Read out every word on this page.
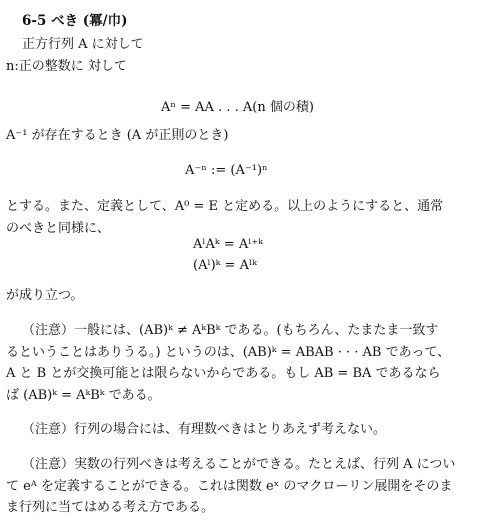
6-5 べき (冪/巾)
正方行列 A に対して
n:正の整数に 対して
Aⁿ = AA . . . A(n 個の積)
A⁻¹ が存在するとき (A が正則のとき)
A⁻ⁿ := (A⁻¹)ⁿ
とする。また、定義として、A⁰ = E と定める。以上のようにすると、通常
のべきと同様に、
AˡAᵏ = Aˡ⁺ᵏ
(Aˡ)ᵏ = Aˡᵏ
が成り立つ。
（注意）一般には、(AB)ᵏ ≠ AᵏBᵏ である。(もちろん、たまたま一致す
るということはありうる。) というのは、(AB)ᵏ = ABAB · · · AB であって、
A と B とが交換可能とは限らないからである。もし AB = BA であるなら
ば (AB)ᵏ = AᵏBᵏ である。
（注意）行列の場合には、有理数べきはとりあえず考えない。
（注意）実数の行列べきは考えることができる。たとえば、行列 A につい
て eᴬ を定義することができる。これは関数 eˣ のマクローリン展開をそのま
ま行列に当てはめる考え方である。
